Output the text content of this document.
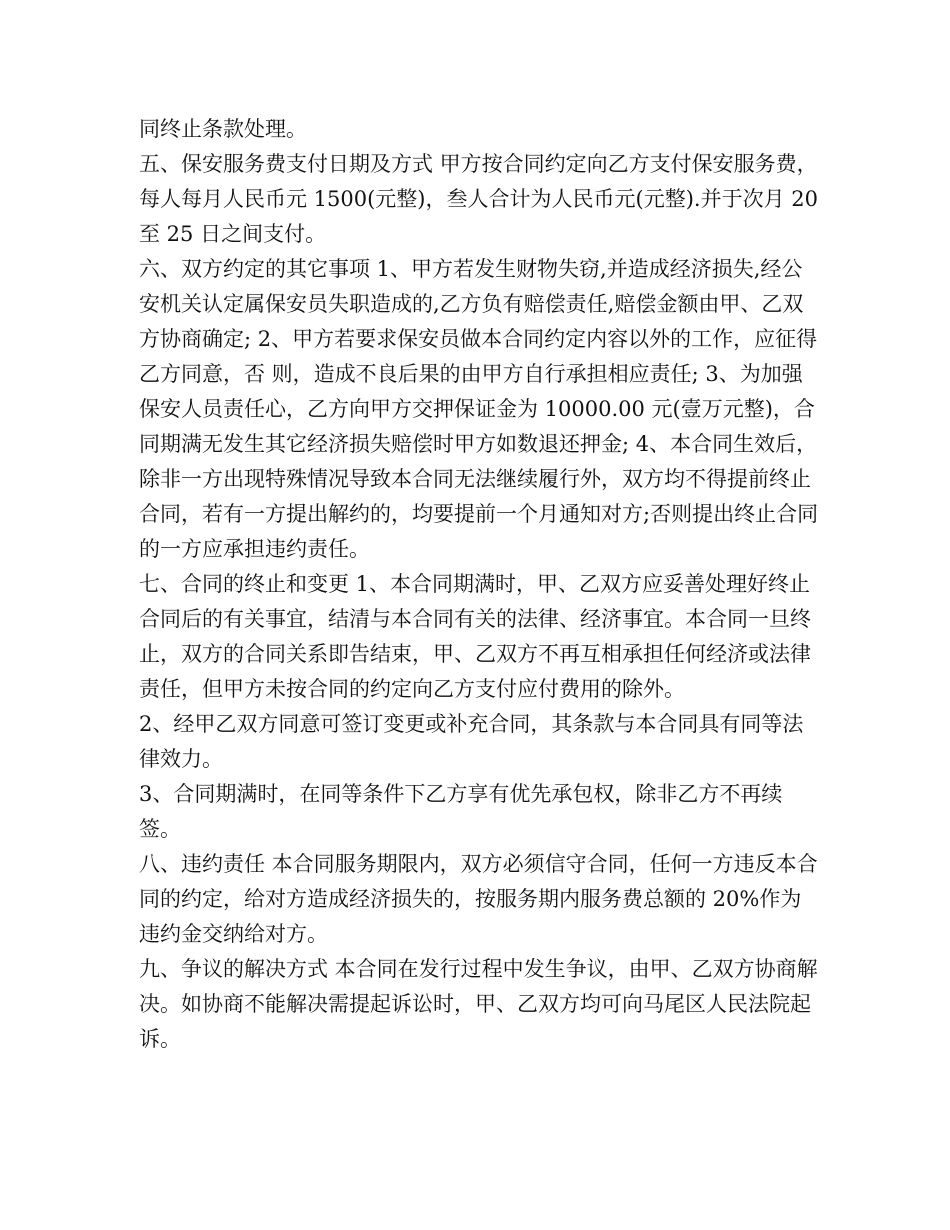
同终止条款处理。

五、保安服务费支付日期及方式 甲方按合同约定向乙方支付保安服务费，每人每月人民币元 1500(元整)，叁人合计为人民币元(元整).并于次月 20 至 25 日之间支付。

六、双方约定的其它事项 1、甲方若发生财物失窃,并造成经济损失,经公安机关认定属保安员失职造成的,乙方负有赔偿责任,赔偿金额由甲、乙双方协商确定; 2、甲方若要求保安员做本合同约定内容以外的工作，应征得乙方同意，否 则，造成不良后果的由甲方自行承担相应责任; 3、为加强保安人员责任心，乙方向甲方交押保证金为 10000.00 元(壹万元整)，合同期满无发生其它经济损失赔偿时甲方如数退还押金; 4、本合同生效后，除非一方出现特殊情况导致本合同无法继续履行外，双方均不得提前终止合同，若有一方提出解约的，均要提前一个月通知对方;否则提出终止合同的一方应承担违约责任。

七、合同的终止和变更 1、本合同期满时，甲、乙双方应妥善处理好终止合同后的有关事宜，结清与本合同有关的法律、经济事宜。本合同一旦终止，双方的合同关系即告结束，甲、乙双方不再互相承担任何经济或法律责任，但甲方未按合同的约定向乙方支付应付费用的除外。

2、经甲乙双方同意可签订变更或补充合同，其条款与本合同具有同等法律效力。

3、合同期满时，在同等条件下乙方享有优先承包权，除非乙方不再续签。

八、违约责任 本合同服务期限内，双方必须信守合同，任何一方违反本合同的约定，给对方造成经济损失的，按服务期内服务费总额的 20%作为违约金交纳给对方。

九、争议的解决方式 本合同在发行过程中发生争议，由甲、乙双方协商解决。如协商不能解决需提起诉讼时，甲、乙双方均可向马尾区人民法院起诉。
